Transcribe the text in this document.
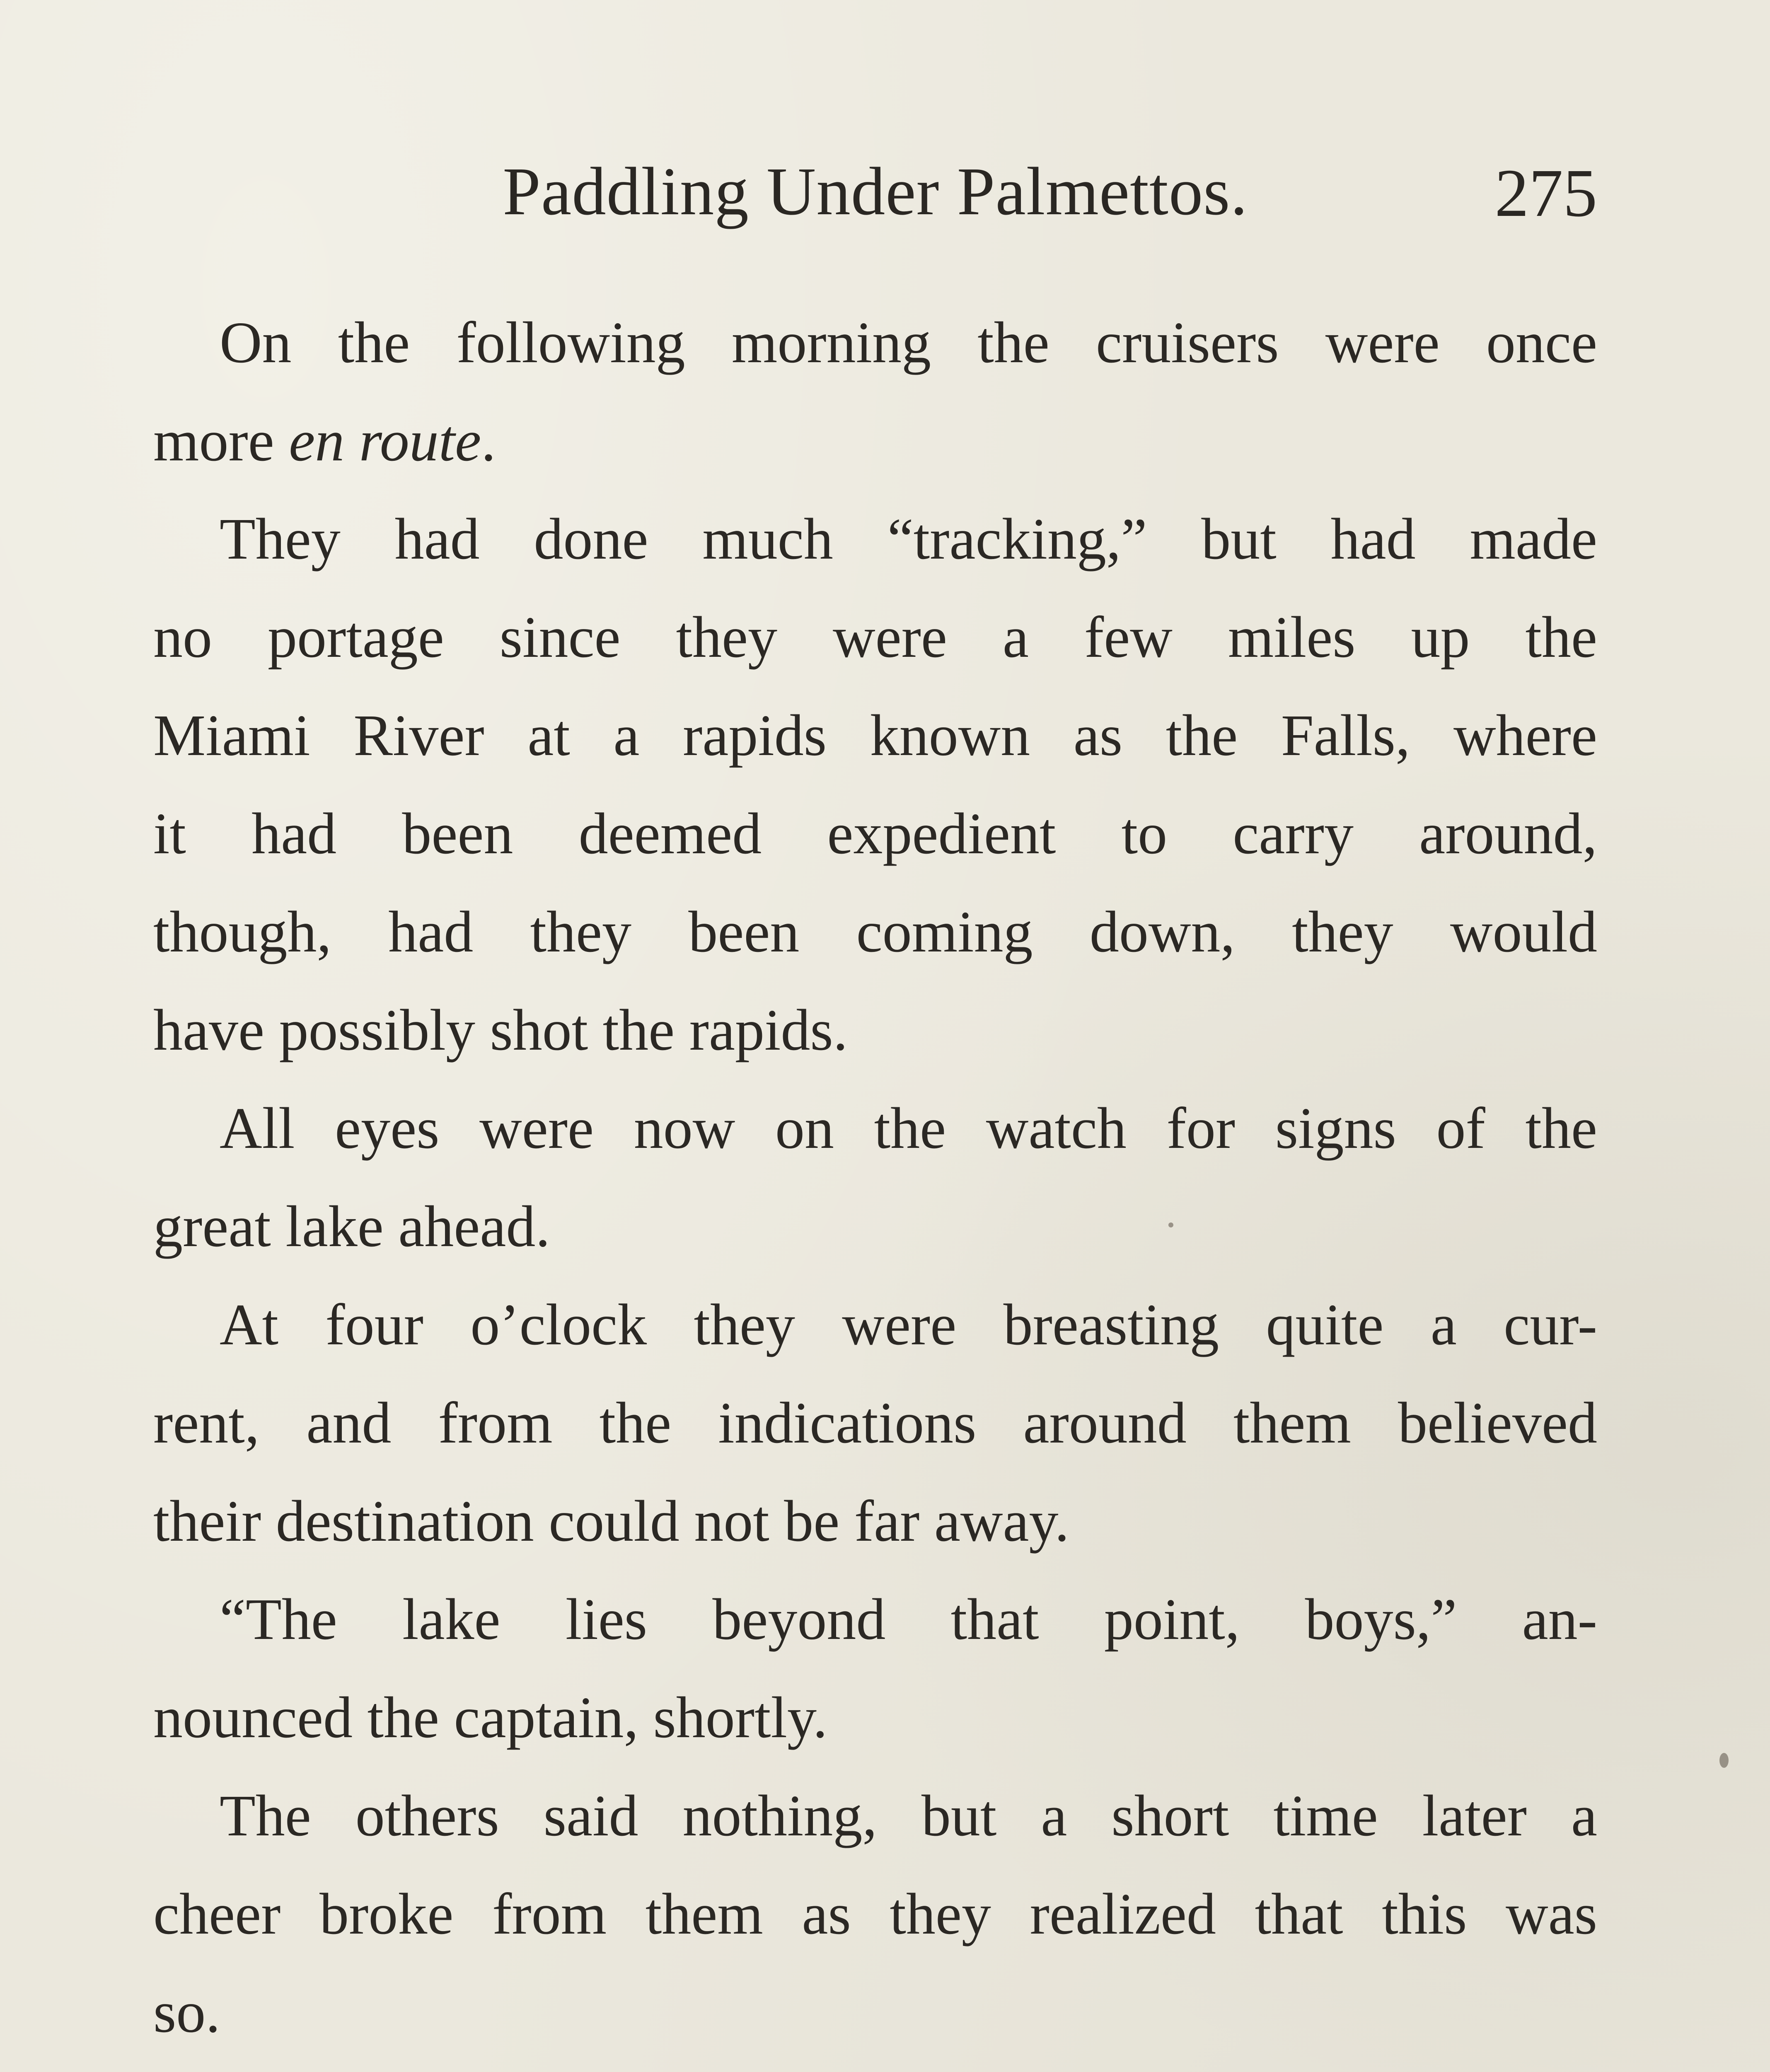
Paddling Under Palmettos.	275
On the following morning the cruisers were once
more en route.
They had done much “tracking,” but had made
no portage since they were a few miles up the
Miami River at a rapids known as the Falls, where
it had been deemed expedient to carry around,
though, had they been coming down, they would
have possibly shot the rapids.
All eyes were now on the watch for signs of the
great lake ahead.
At four o’clock they were breasting quite a cur-
rent, and from the indications around them believed
their destination could not be far away.
“The lake lies beyond that point, boys,” an-
nounced the captain, shortly.
The others said nothing, but a short time later a
cheer broke from them as they realized that this was
so.
